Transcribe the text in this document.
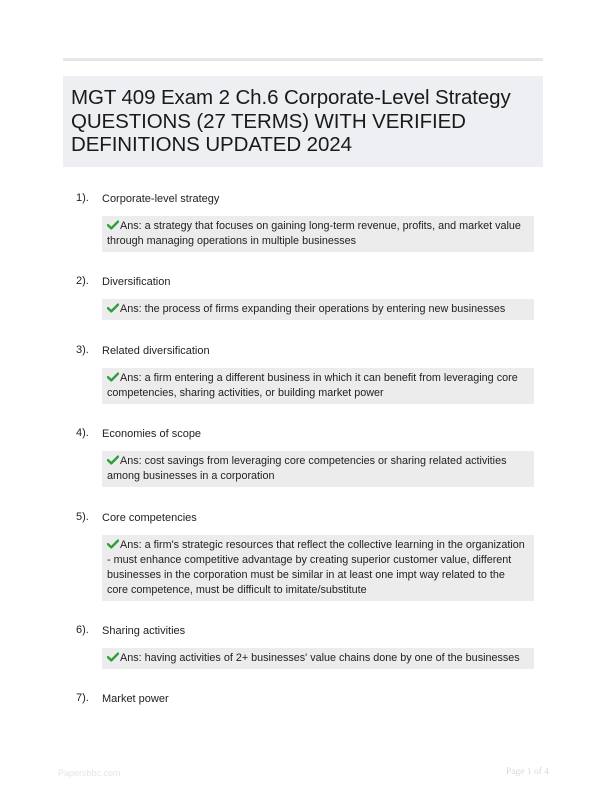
MGT 409 Exam 2 Ch.6 Corporate-Level Strategy QUESTIONS (27 TERMS) WITH VERIFIED DEFINITIONS UPDATED 2024
1). Corporate-level strategy
Ans: a strategy that focuses on gaining long-term revenue, profits, and market value through managing operations in multiple businesses
2). Diversification
Ans: the process of firms expanding their operations by entering new businesses
3). Related diversification
Ans: a firm entering a different business in which it can benefit from leveraging core competencies, sharing activities, or building market power
4). Economies of scope
Ans: cost savings from leveraging core competencies or sharing related activities among businesses in a corporation
5). Core competencies
Ans: a firm's strategic resources that reflect the collective learning in the organization - must enhance competitive advantage by creating superior customer value, different businesses in the corporation must be similar in at least one impt way related to the core competence, must be difficult to imitate/substitute
6). Sharing activities
Ans: having activities of 2+ businesses' value chains done by one of the businesses
7). Market power
Papersbbc.com	Page 1 of 4
